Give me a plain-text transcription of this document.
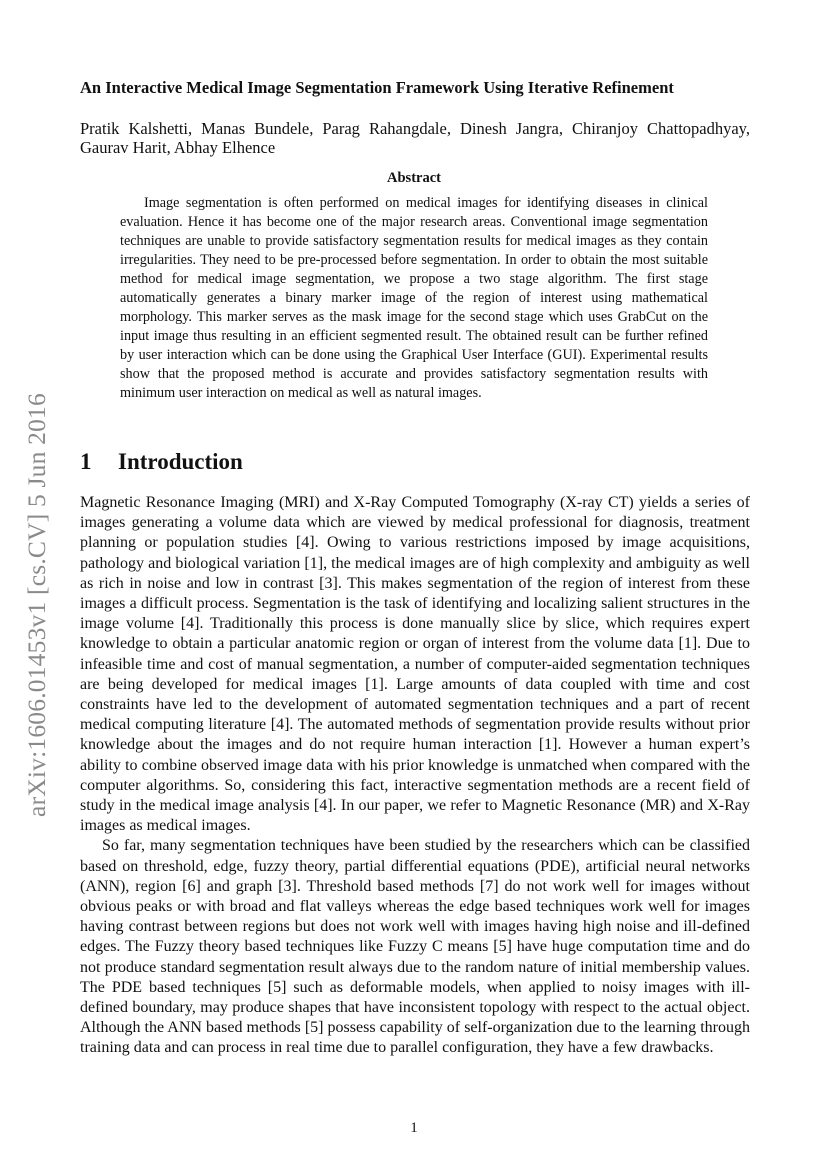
arXiv:1606.01453v1 [cs.CV] 5 Jun 2016
An Interactive Medical Image Segmentation Framework Using Iterative Refinement

Pratik Kalshetti, Manas Bundele, Parag Rahangdale, Dinesh Jangra, Chiranjoy Chattopadhyay, Gaurav Harit, Abhay Elhence

Abstract

Image segmentation is often performed on medical images for identifying diseases in clinical evaluation. Hence it has become one of the major research areas. Conventional image segmentation techniques are unable to provide satisfactory segmentation results for medical images as they contain irregularities. They need to be pre-processed before segmentation. In order to obtain the most suitable method for medical image segmentation, we propose a two stage algorithm. The first stage automatically generates a binary marker image of the region of interest using mathematical morphology. This marker serves as the mask image for the second stage which uses GrabCut on the input image thus resulting in an efficient segmented result. The obtained result can be further refined by user interaction which can be done using the Graphical User Interface (GUI). Experimental results show that the proposed method is accurate and provides satisfactory segmentation results with minimum user interaction on medical as well as natural images.

1 Introduction

Magnetic Resonance Imaging (MRI) and X-Ray Computed Tomography (X-ray CT) yields a series of images generating a volume data which are viewed by medical professional for diagnosis, treatment planning or population studies [4]. Owing to various restrictions imposed by image acquisitions, pathology and biological variation [1], the medical images are of high complexity and ambiguity as well as rich in noise and low in contrast [3]. This makes segmentation of the region of interest from these images a difficult process. Segmentation is the task of identifying and localizing salient structures in the image volume [4]. Traditionally this process is done manually slice by slice, which requires expert knowledge to obtain a particular anatomic region or organ of interest from the volume data [1]. Due to infeasible time and cost of manual segmentation, a number of computer-aided segmentation techniques are being developed for medical images [1]. Large amounts of data coupled with time and cost constraints have led to the development of automated segmentation techniques and a part of recent medical computing literature [4]. The automated methods of segmentation provide results without prior knowledge about the images and do not require human interaction [1]. However a human expert’s ability to combine observed image data with his prior knowledge is unmatched when compared with the computer algorithms. So, considering this fact, interactive segmentation methods are a recent field of study in the medical image analysis [4]. In our paper, we refer to Magnetic Resonance (MR) and X-Ray images as medical images.

So far, many segmentation techniques have been studied by the researchers which can be classified based on threshold, edge, fuzzy theory, partial differential equations (PDE), artificial neural networks (ANN), region [6] and graph [3]. Threshold based methods [7] do not work well for images without obvious peaks or with broad and flat valleys whereas the edge based techniques work well for images having contrast between regions but does not work well with images having high noise and ill-defined edges. The Fuzzy theory based techniques like Fuzzy C means [5] have huge computation time and do not produce standard segmentation result always due to the random nature of initial membership values. The PDE based techniques [5] such as deformable models, when applied to noisy images with ill-defined boundary, may produce shapes that have inconsistent topology with respect to the actual object. Although the ANN based methods [5] possess capability of self-organization due to the learning through training data and can process in real time due to parallel configuration, they have a few drawbacks.

1
